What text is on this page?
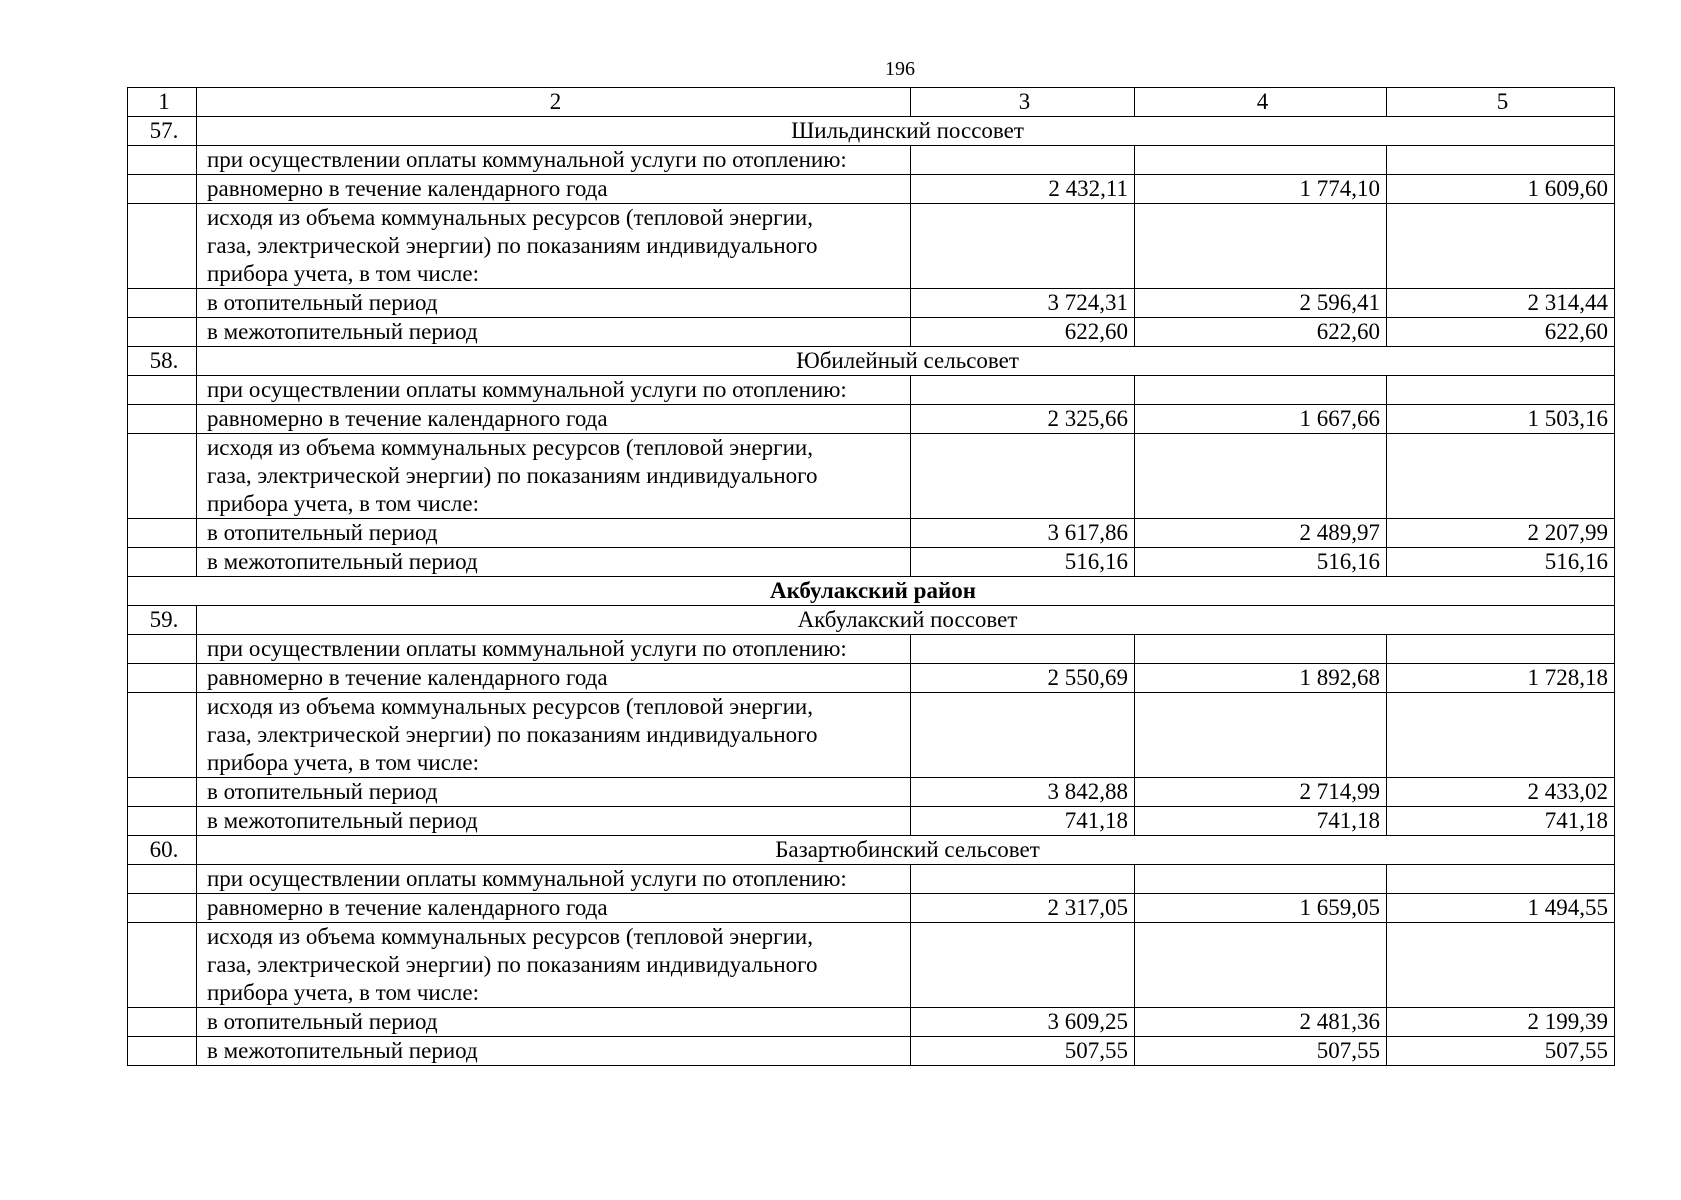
196
1	2	3	4	5
57.	Шильдинский поссовет			
	при осуществлении оплаты коммунальной услуги по отоплению:			
	равномерно в течение календарного года	2 432,11	1 774,10	1 609,60

	исходя из объема коммунальных ресурсов (тепловой энергии,
газа, электрической энергии) по показаниям индивидуального
прибора учета, в том числе:			

	в отопительный период	3 724,31	2 596,41	2 314,44
	в межотопительный период	622,60	622,60	622,60
58.	Юбилейный сельсовет			
	при осуществлении оплаты коммунальной услуги по отоплению:			
	равномерно в течение календарного года	2 325,66	1 667,66	1 503,16

	исходя из объема коммунальных ресурсов (тепловой энергии,
газа, электрической энергии) по показаниям индивидуального
прибора учета, в том числе:			

	в отопительный период	3 617,86	2 489,97	2 207,99
	в межотопительный период	516,16	516,16	516,16
Акбулакский район				
59.	Акбулакский поссовет			
	при осуществлении оплаты коммунальной услуги по отоплению:			
	равномерно в течение календарного года	2 550,69	1 892,68	1 728,18

	исходя из объема коммунальных ресурсов (тепловой энергии,
газа, электрической энергии) по показаниям индивидуального
прибора учета, в том числе:			

	в отопительный период	3 842,88	2 714,99	2 433,02
	в межотопительный период	741,18	741,18	741,18
60.	Базартюбинский сельсовет			
	при осуществлении оплаты коммунальной услуги по отоплению:			
	равномерно в течение календарного года	2 317,05	1 659,05	1 494,55

	исходя из объема коммунальных ресурсов (тепловой энергии,
газа, электрической энергии) по показаниям индивидуального
прибора учета, в том числе:			

	в отопительный период	3 609,25	2 481,36	2 199,39
	в межотопительный период	507,55	507,55	507,55
